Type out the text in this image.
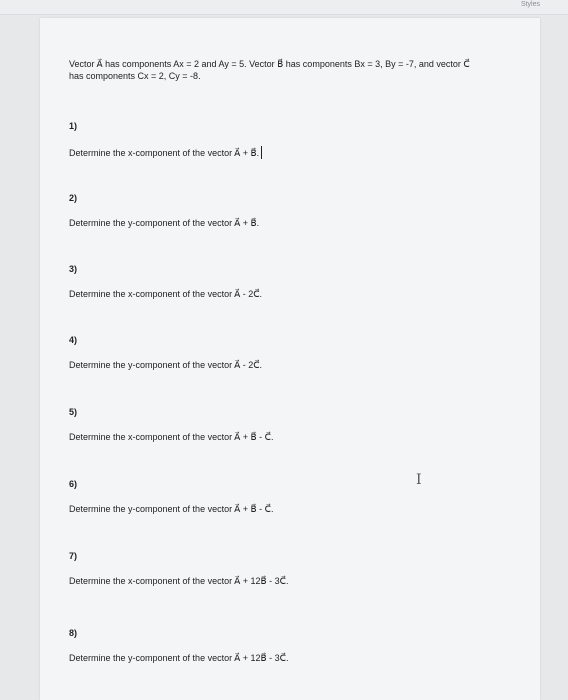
Styles
Vector A⃗ has components Ax = 2 and Ay = 5. Vector B⃗ has components Bx = 3, By = -7, and vector C⃗
has components Cx = 2, Cy = -8.
1)
Determine the x-component of the vector A⃗ + B⃗.
2)
Determine the y-component of the vector A⃗ + B⃗.
3)
Determine the x-component of the vector A⃗ - 2C⃗.
4)
Determine the y-component of the vector A⃗ - 2C⃗.
5)
Determine the x-component of the vector A⃗ + B⃗ - C⃗.
6)
Determine the y-component of the vector A⃗ + B⃗ - C⃗.
7)
Determine the x-component of the vector A⃗ + 12B⃗ - 3C⃗.
8)
Determine the y-component of the vector A⃗ + 12B⃗ - 3C⃗.
I
